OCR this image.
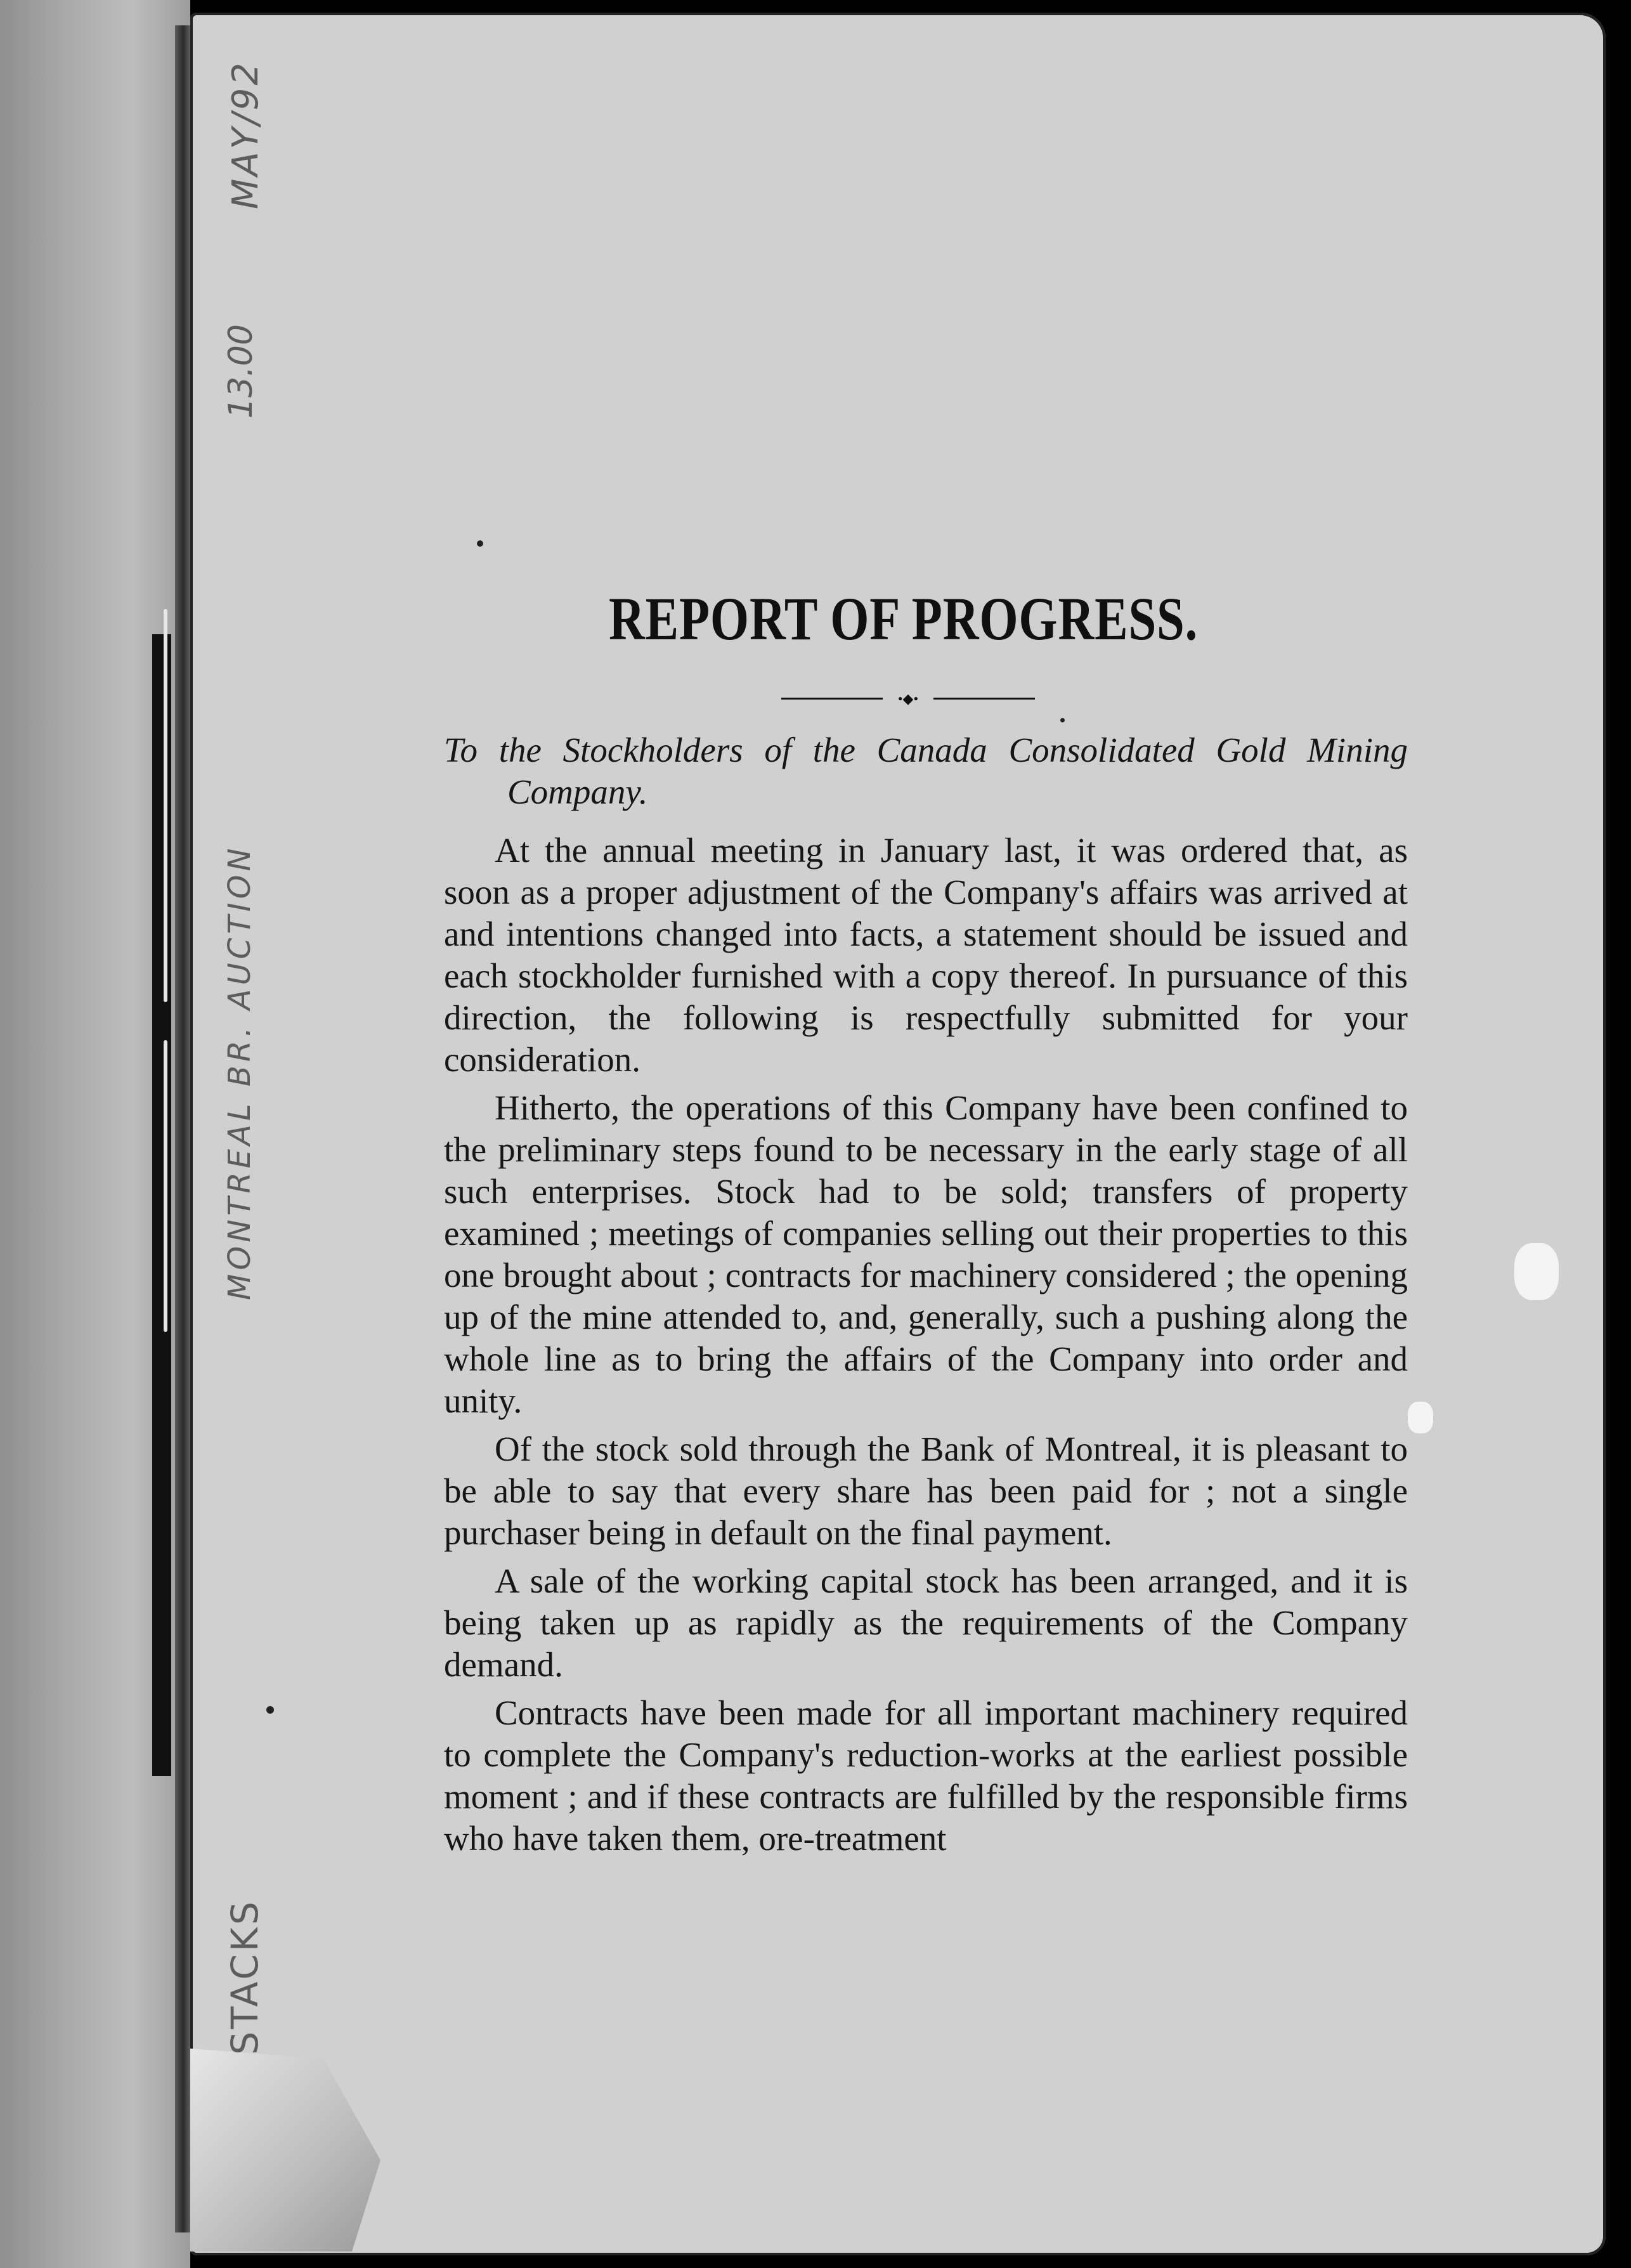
MAY/92
13.00
MONTREAL BR. AUCTION
STACKS
REPORT OF PROGRESS.
•◆•

To the Stockholders of the Canada Consolidated Gold Mining Company.

At the annual meeting in January last, it was ordered that, as soon as a proper adjustment of the Company's affairs was arrived at and intentions changed into facts, a statement should be issued and each stockholder furnished with a copy thereof. In pursuance of this direction, the following is respectfully submitted for your consideration.

Hitherto, the operations of this Company have been confined to the preliminary steps found to be necessary in the early stage of all such enterprises. Stock had to be sold; transfers of property examined ; meetings of companies selling out their properties to this one brought about ; contracts for machinery considered ; the opening up of the mine attended to, and, generally, such a pushing along the whole line as to bring the affairs of the Company into order and unity.

Of the stock sold through the Bank of Montreal, it is pleasant to be able to say that every share has been paid for ; not a single purchaser being in default on the final payment.

A sale of the working capital stock has been arranged, and it is being taken up as rapidly as the requirements of the Company demand.

Contracts have been made for all important machinery required to complete the Company's reduction-works at the earliest possible moment ; and if these contracts are fulfilled by the responsible firms who have taken them, ore-treatment
